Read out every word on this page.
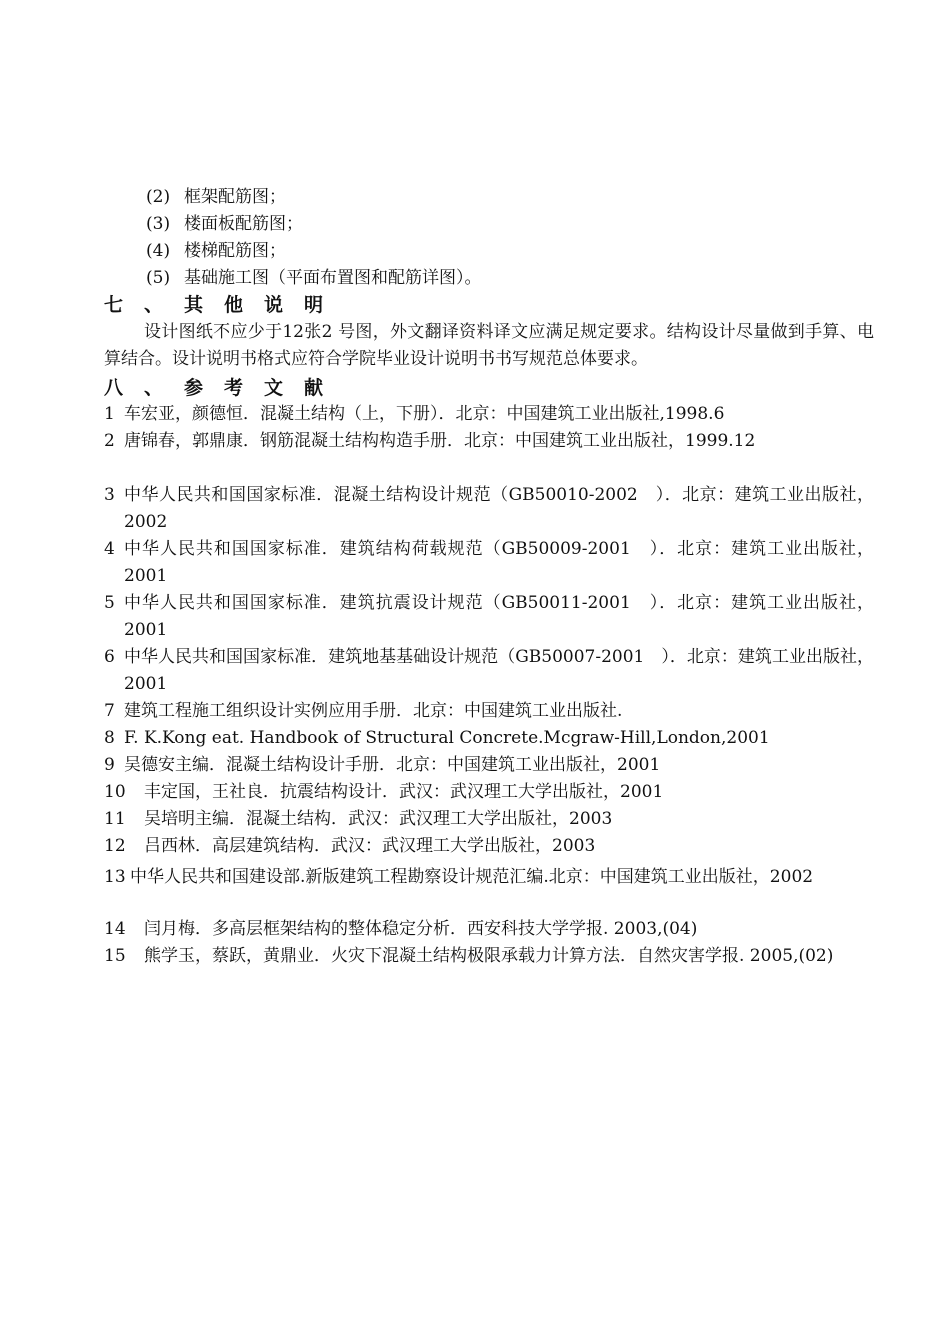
(2) 框架配筋图；
(3) 楼面板配筋图；
(4) 楼梯配筋图；
(5) 基础施工图（平面布置图和配筋详图）。
七 、 其 他 说 明
设计图纸不应少于12张2 号图，外文翻译资料译文应满足规定要求。结构设计尽量做到手算、电算结合。设计说明书格式应符合学院毕业设计说明书书写规范总体要求。
八 、 参 考 文 献
1 车宏亚，颜德恒．混凝土结构（上，下册）．北京：中国建筑工业出版社,1998.6
2 唐锦春，郭鼎康．钢筋混凝土结构构造手册．北京：中国建筑工业出版社，1999.12
3 中华人民共和国国家标准．混凝土结构设计规范（GB50010-2002　）．北京：建筑工业出版社，2002
4 中华人民共和国国家标准．建筑结构荷载规范（GB50009-2001　）．北京：建筑工业出版社，2001
5 中华人民共和国国家标准．建筑抗震设计规范（GB50011-2001　）．北京：建筑工业出版社，2001
6 中华人民共和国国家标准．建筑地基基础设计规范（GB50007-2001　）．北京：建筑工业出版社，2001
7 建筑工程施工组织设计实例应用手册．北京：中国建筑工业出版社.
8 F. K.Kong eat. Handbook of Structural Concrete.Mcgraw-Hill,London,2001
9 吴德安主编．混凝土结构设计手册．北京：中国建筑工业出版社，2001
10	丰定国，王社良．抗震结构设计．武汉：武汉理工大学出版社，2001
11	吴培明主编．混凝土结构．武汉：武汉理工大学出版社，2003
12	吕西林．高层建筑结构．武汉：武汉理工大学出版社，2003
13 中华人民共和国建设部.新版建筑工程勘察设计规范汇编.北京：中国建筑工业出版社，2002
14	闫月梅．多高层框架结构的整体稳定分析．西安科技大学学报. 2003,(04)
15	熊学玉，蔡跃，黄鼎业．火灾下混凝土结构极限承载力计算方法．自然灾害学报. 2005,(02)
